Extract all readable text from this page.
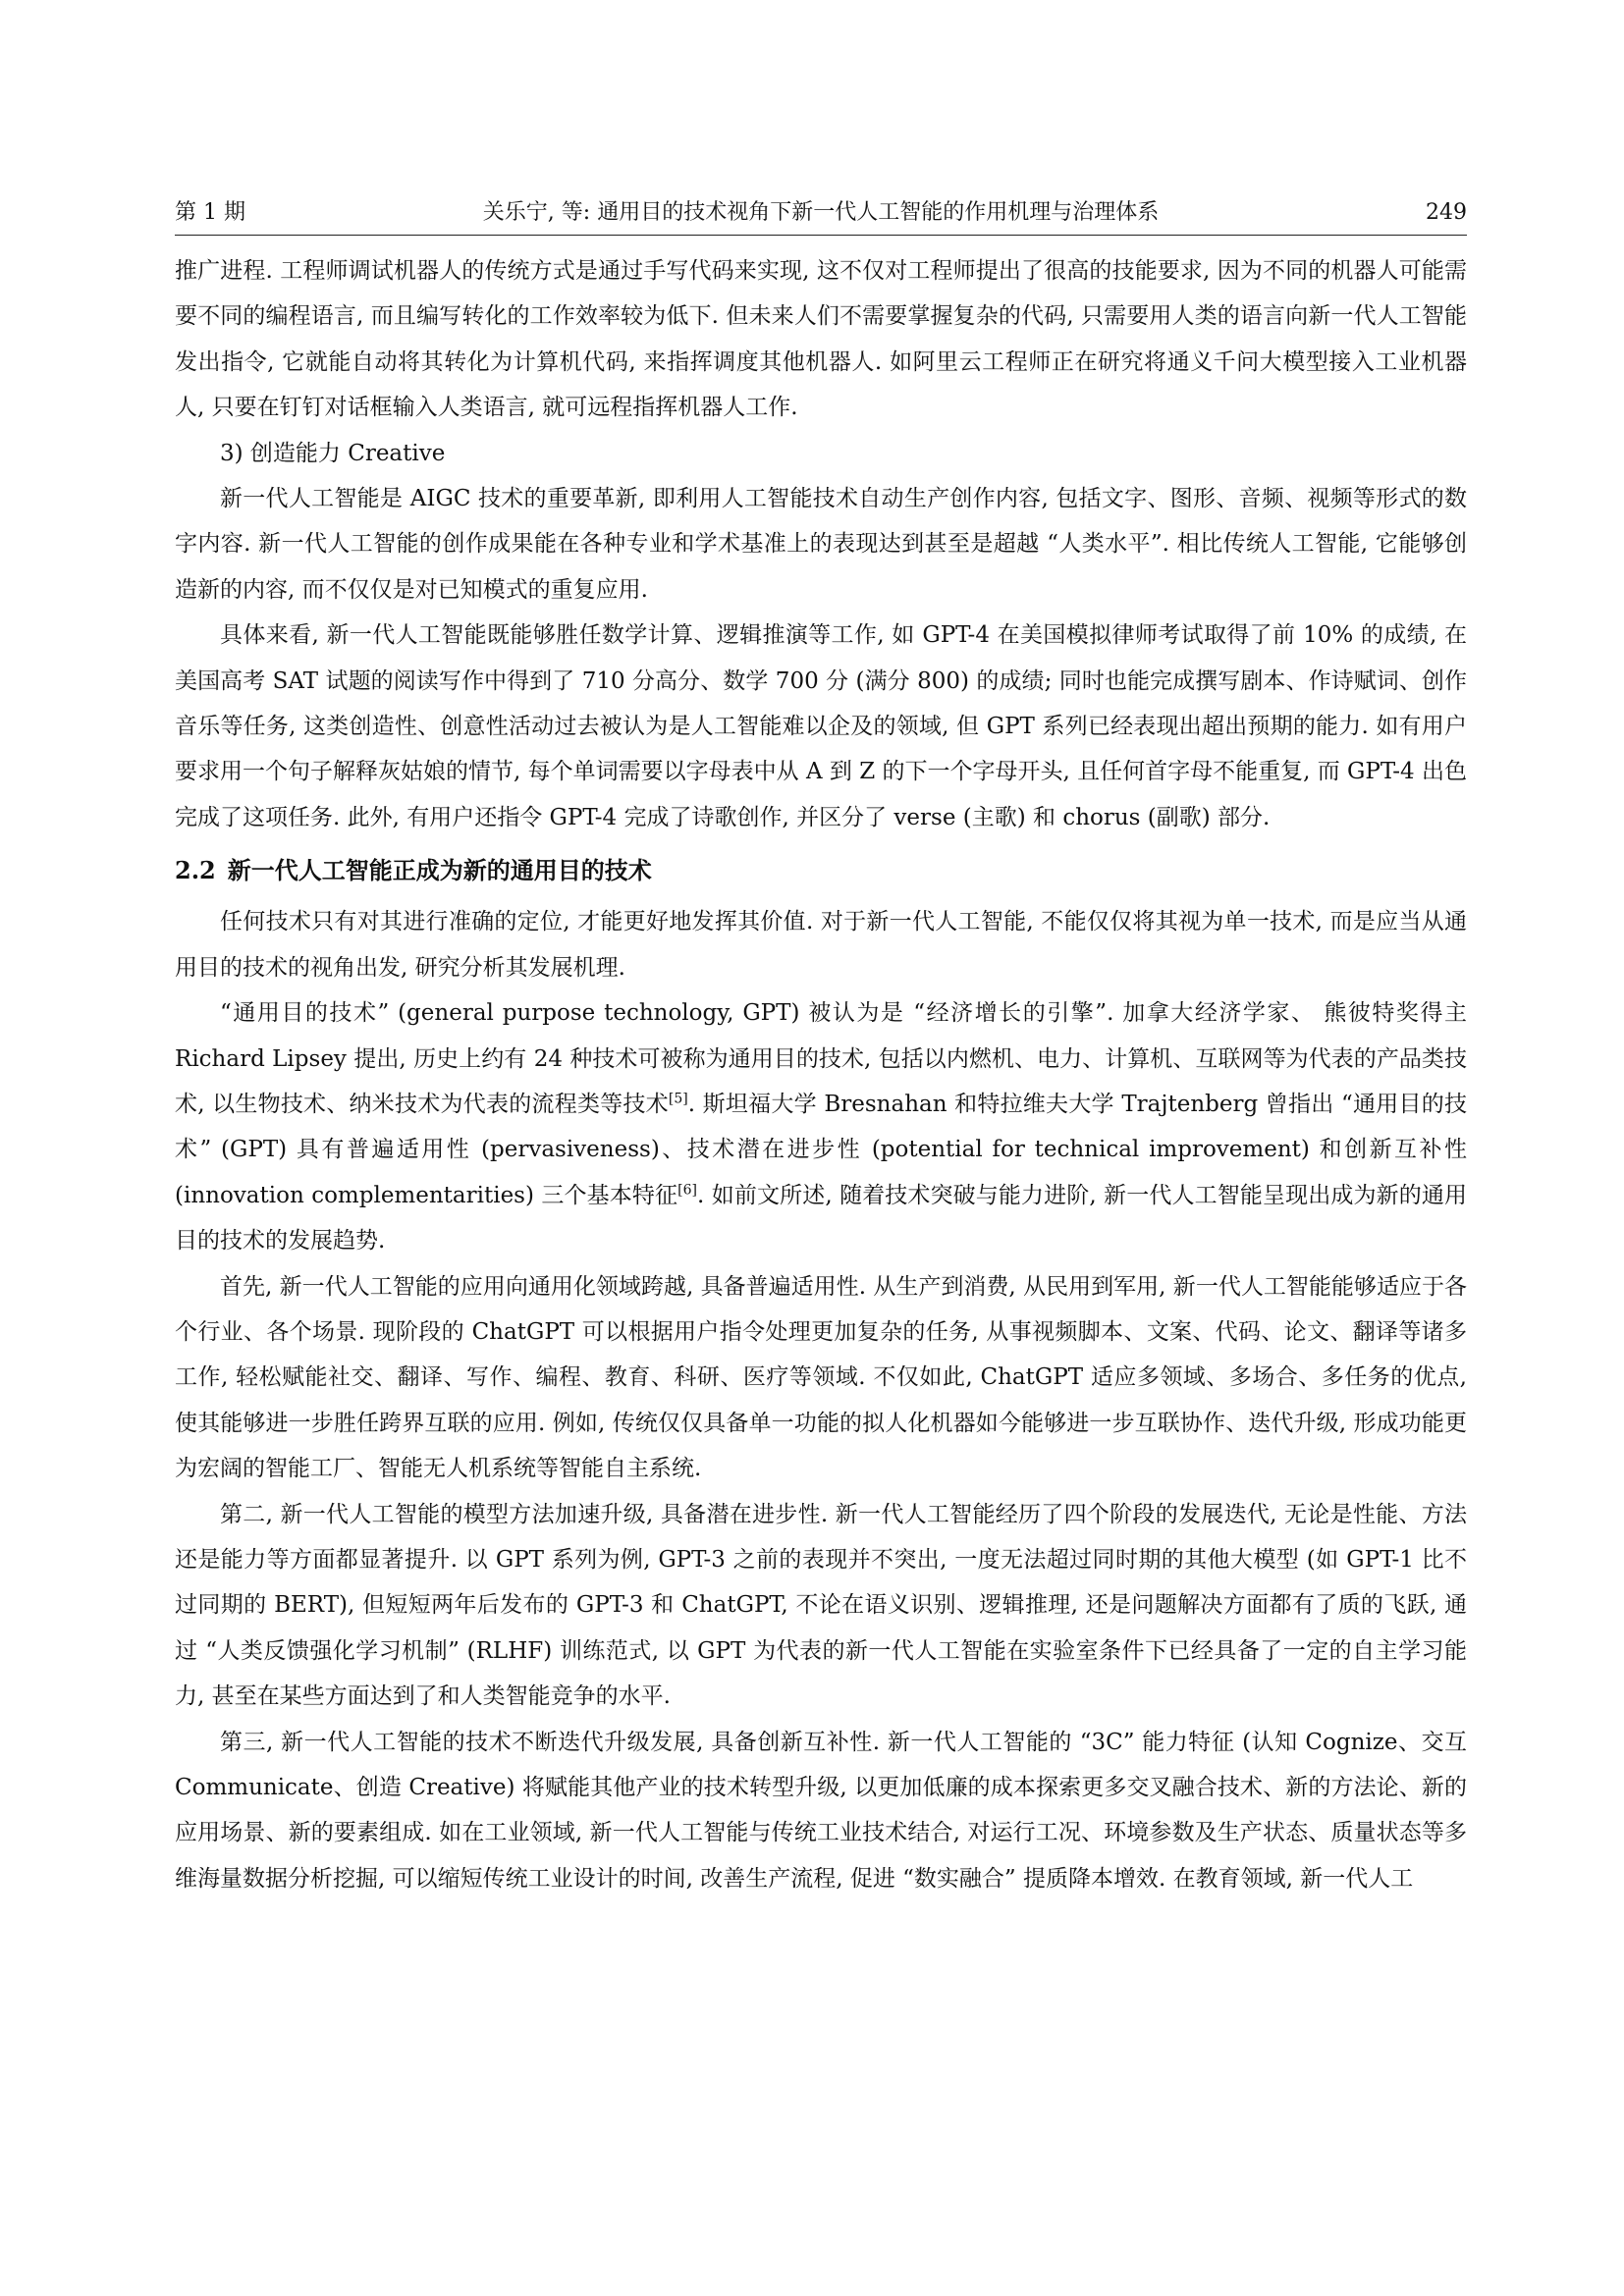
第 1 期	关乐宁, 等: 通用目的技术视角下新一代人工智能的作用机理与治理体系	249

推广进程. 工程师调试机器人的传统方式是通过手写代码来实现, 这不仅对工程师提出了很高的技能要求, 因为不同的机器人可能需要不同的编程语言, 而且编写转化的工作效率较为低下. 但未来人们不需要掌握复杂的代码, 只需要用人类的语言向新一代人工智能发出指令, 它就能自动将其转化为计算机代码, 来指挥调度其他机器人. 如阿里云工程师正在研究将通义千问大模型接入工业机器人, 只要在钉钉对话框输入人类语言, 就可远程指挥机器人工作.

3) 创造能力 Creative

新一代人工智能是 AIGC 技术的重要革新, 即利用人工智能技术自动生产创作内容, 包括文字、图形、音频、视频等形式的数字内容. 新一代人工智能的创作成果能在各种专业和学术基准上的表现达到甚至是超越 “人类水平”. 相比传统人工智能, 它能够创造新的内容, 而不仅仅是对已知模式的重复应用.

具体来看, 新一代人工智能既能够胜任数学计算、逻辑推演等工作, 如 GPT-4 在美国模拟律师考试取得了前 10% 的成绩, 在美国高考 SAT 试题的阅读写作中得到了 710 分高分、数学 700 分 (满分 800) 的成绩; 同时也能完成撰写剧本、作诗赋词、创作音乐等任务, 这类创造性、创意性活动过去被认为是人工智能难以企及的领域, 但 GPT 系列已经表现出超出预期的能力. 如有用户要求用一个句子解释灰姑娘的情节, 每个单词需要以字母表中从 A 到 Z 的下一个字母开头, 且任何首字母不能重复, 而 GPT-4 出色完成了这项任务. 此外, 有用户还指令 GPT-4 完成了诗歌创作, 并区分了 verse (主歌) 和 chorus (副歌) 部分.

2.2 新一代人工智能正成为新的通用目的技术

任何技术只有对其进行准确的定位, 才能更好地发挥其价值. 对于新一代人工智能, 不能仅仅将其视为单一技术, 而是应当从通用目的技术的视角出发, 研究分析其发展机理.

“通用目的技术” (general purpose technology, GPT) 被认为是 “经济增长的引擎”. 加拿大经济学家、 熊彼特奖得主 Richard Lipsey 提出, 历史上约有 24 种技术可被称为通用目的技术, 包括以内燃机、电力、计算机、互联网等为代表的产品类技术, 以生物技术、纳米技术为代表的流程类等技术[5]. 斯坦福大学 Bresnahan 和特拉维夫大学 Trajtenberg 曾指出 “通用目的技术” (GPT) 具有普遍适用性 (pervasiveness)、技术潜在进步性 (potential for technical improvement) 和创新互补性 (innovation complementarities) 三个基本特征[6]. 如前文所述, 随着技术突破与能力进阶, 新一代人工智能呈现出成为新的通用目的技术的发展趋势.

首先, 新一代人工智能的应用向通用化领域跨越, 具备普遍适用性. 从生产到消费, 从民用到军用, 新一代人工智能能够适应于各个行业、各个场景. 现阶段的 ChatGPT 可以根据用户指令处理更加复杂的任务, 从事视频脚本、文案、代码、论文、翻译等诸多工作, 轻松赋能社交、翻译、写作、编程、教育、科研、医疗等领域. 不仅如此, ChatGPT 适应多领域、多场合、多任务的优点, 使其能够进一步胜任跨界互联的应用. 例如, 传统仅仅具备单一功能的拟人化机器如今能够进一步互联协作、迭代升级, 形成功能更为宏阔的智能工厂、智能无人机系统等智能自主系统.

第二, 新一代人工智能的模型方法加速升级, 具备潜在进步性. 新一代人工智能经历了四个阶段的发展迭代, 无论是性能、方法还是能力等方面都显著提升. 以 GPT 系列为例, GPT-3 之前的表现并不突出, 一度无法超过同时期的其他大模型 (如 GPT-1 比不过同期的 BERT), 但短短两年后发布的 GPT-3 和 ChatGPT, 不论在语义识别、逻辑推理, 还是问题解决方面都有了质的飞跃, 通过 “人类反馈强化学习机制” (RLHF) 训练范式, 以 GPT 为代表的新一代人工智能在实验室条件下已经具备了一定的自主学习能力, 甚至在某些方面达到了和人类智能竞争的水平.

第三, 新一代人工智能的技术不断迭代升级发展, 具备创新互补性. 新一代人工智能的 “3C” 能力特征 (认知 Cognize、交互 Communicate、创造 Creative) 将赋能其他产业的技术转型升级, 以更加低廉的成本探索更多交叉融合技术、新的方法论、新的应用场景、新的要素组成. 如在工业领域, 新一代人工智能与传统工业技术结合, 对运行工况、环境参数及生产状态、质量状态等多维海量数据分析挖掘, 可以缩短传统工业设计的时间, 改善生产流程, 促进 “数实融合” 提质降本增效. 在教育领域, 新一代人工
